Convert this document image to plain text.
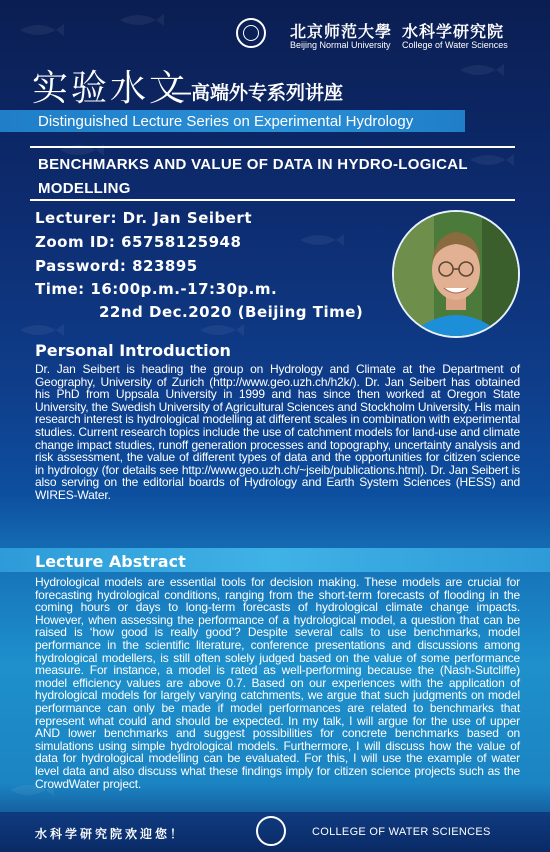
北京师范大學
Beijing Normal University
水科学研究院
College of Water Sciences
实验水文
—高端外专系列讲座
Distinguished Lecture Series on Experimental Hydrology
BENCHMARKS AND VALUE OF DATA IN HYDRO-LOGICAL MODELLING
Lecturer: Dr. Jan Seibert
Zoom ID: 65758125948
Password: 823895
Time: 16:00p.m.-17:30p.m.
22nd Dec.2020 (Beijing Time)
Personal Introduction
Dr. Jan Seibert is heading the group on Hydrology and Climate at the Department of Geography, University of Zurich (http://www.geo.uzh.ch/h2k/). Dr. Jan Seibert has obtained his PhD from Uppsala University in 1999 and has since then worked at Oregon State University, the Swedish University of Agricultural Sciences and Stockholm University. His main research interest is hydrological modelling at different scales in combination with experimental studies. Current research topics include the use of catchment models for land-use and climate change impact studies, runoff generation processes and topography, uncertainty analysis and risk assessment, the value of different types of data and the opportunities for citizen science in hydrology (for details see http://www.geo.uzh.ch/~jseib/publications.html). Dr. Jan Seibert is also serving on the editorial boards of Hydrology and Earth System Sciences (HESS) and WIRES-Water.
Lecture Abstract
Hydrological models are essential tools for decision making. These models are crucial for forecasting hydrological conditions, ranging from the short-term forecasts of flooding in the coming hours or days to long-term forecasts of hydrological climate change impacts. However, when assessing the performance of a hydrological model, a question that can be raised is ‘how good is really good’? Despite several calls to use benchmarks, model performance in the scientific literature, conference presentations and discussions among hydrological modellers, is still often solely judged based on the value of some performance measure. For instance, a model is rated as well-performing because the (Nash-Sutcliffe) model efficiency values are above 0.7. Based on our experiences with the application of hydrological models for largely varying catchments, we argue that such judgments on model performance can only be made if model performances are related to benchmarks that represent what could and should be expected. In my talk, I will argue for the use of upper AND lower benchmarks and suggest possibilities for concrete benchmarks based on simulations using simple hydrological models. Furthermore, I will discuss how the value of data for hydrological modelling can be evaluated. For this, I will use the example of water level data and also discuss what these findings imply for citizen science projects such as the CrowdWater project.
水科学研究院欢迎您！	COLLEGE OF WATER SCIENCES
